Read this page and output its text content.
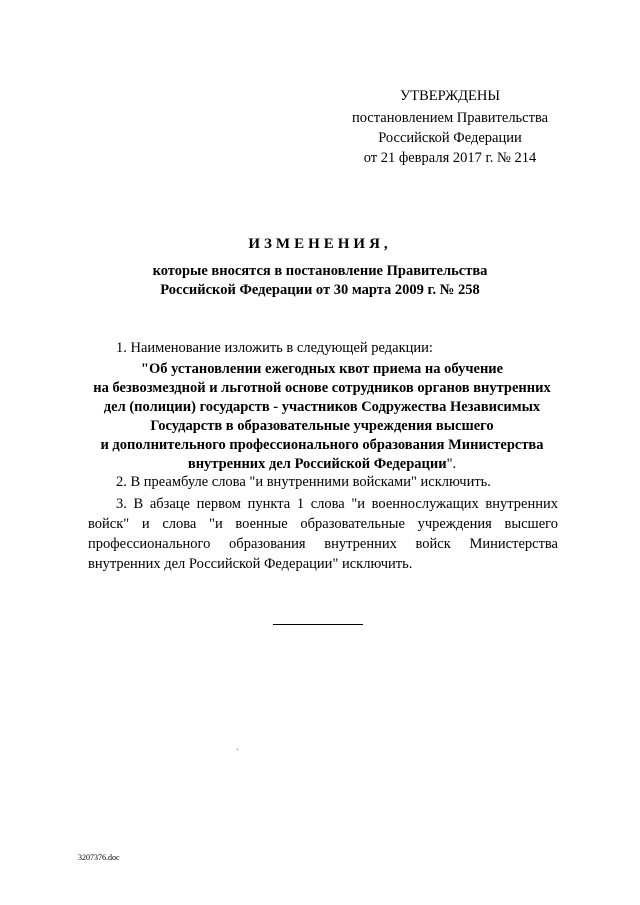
УТВЕРЖДЕНЫ
постановлением Правительства
Российской Федерации
от 21 февраля 2017 г. № 214
ИЗМЕНЕНИЯ,
которые вносятся в постановление Правительства
Российской Федерации от 30 марта 2009 г. № 258
1. Наименование изложить в следующей редакции:
"Об установлении ежегодных квот приема на обучение
на безвозмездной и льготной основе сотрудников органов внутренних
дел (полиции) государств - участников Содружества Независимых
Государств в образовательные учреждения высшего
и дополнительного профессионального образования Министерства
внутренних дел Российской Федерации".
2. В преамбуле слова "и внутренними войсками" исключить.
3. В абзаце первом пункта 1 слова "и военнослужащих внутренних войск" и слова "и военные образовательные учреждения высшего профессионального образования внутренних войск Министерства внутренних дел Российской Федерации" исключить.
3207376.doc
